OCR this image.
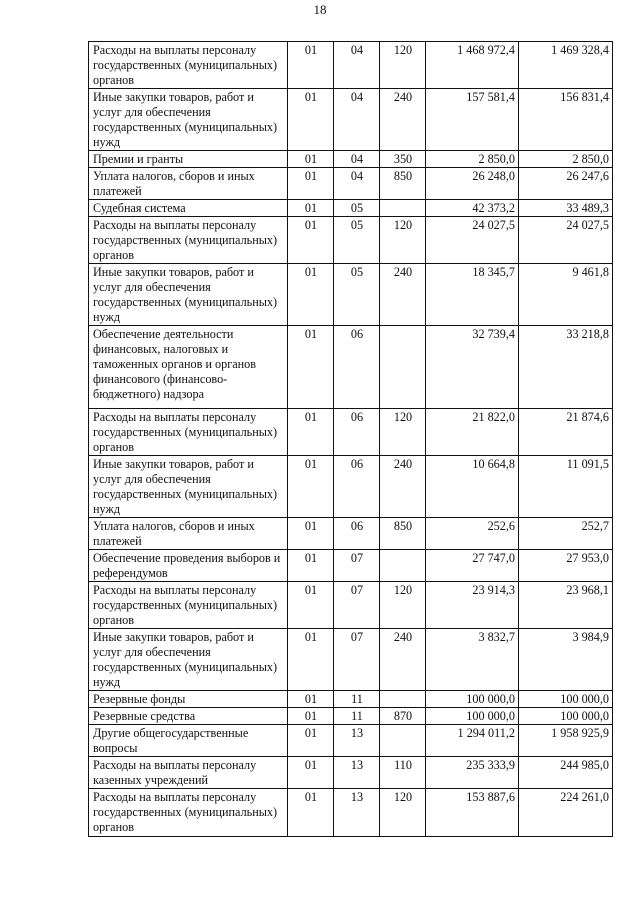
18
Расходы на выплаты персоналу государственных (муниципальных) органов	01	04	120	1 468 972,4	1 469 328,4
Иные закупки товаров, работ и услуг для обеспечения государственных (муниципальных) нужд	01	04	240	157 581,4	156 831,4
Премии и гранты	01	04	350	2 850,0	2 850,0
Уплата налогов, сборов и иных платежей	01	04	850	26 248,0	26 247,6
Судебная система	01	05		42 373,2	33 489,3
Расходы на выплаты персоналу государственных (муниципальных) органов	01	05	120	24 027,5	24 027,5
Иные закупки товаров, работ и услуг для обеспечения государственных (муниципальных) нужд	01	05	240	18 345,7	9 461,8
Обеспечение деятельности финансовых, налоговых и таможенных органов и органов финансового (финансово-бюджетного) надзора	01	06		32 739,4	33 218,8
Расходы на выплаты персоналу государственных (муниципальных) органов	01	06	120	21 822,0	21 874,6
Иные закупки товаров, работ и услуг для обеспечения государственных (муниципальных) нужд	01	06	240	10 664,8	11 091,5
Уплата налогов, сборов и иных платежей	01	06	850	252,6	252,7
Обеспечение проведения выборов и референдумов	01	07		27 747,0	27 953,0
Расходы на выплаты персоналу государственных (муниципальных) органов	01	07	120	23 914,3	23 968,1
Иные закупки товаров, работ и услуг для обеспечения государственных (муниципальных) нужд	01	07	240	3 832,7	3 984,9
Резервные фонды	01	11		100 000,0	100 000,0
Резервные средства	01	11	870	100 000,0	100 000,0
Другие общегосударственные вопросы	01	13		1 294 011,2	1 958 925,9
Расходы на выплаты персоналу казенных учреждений	01	13	110	235 333,9	244 985,0
Расходы на выплаты персоналу государственных (муниципальных) органов	01	13	120	153 887,6	224 261,0
